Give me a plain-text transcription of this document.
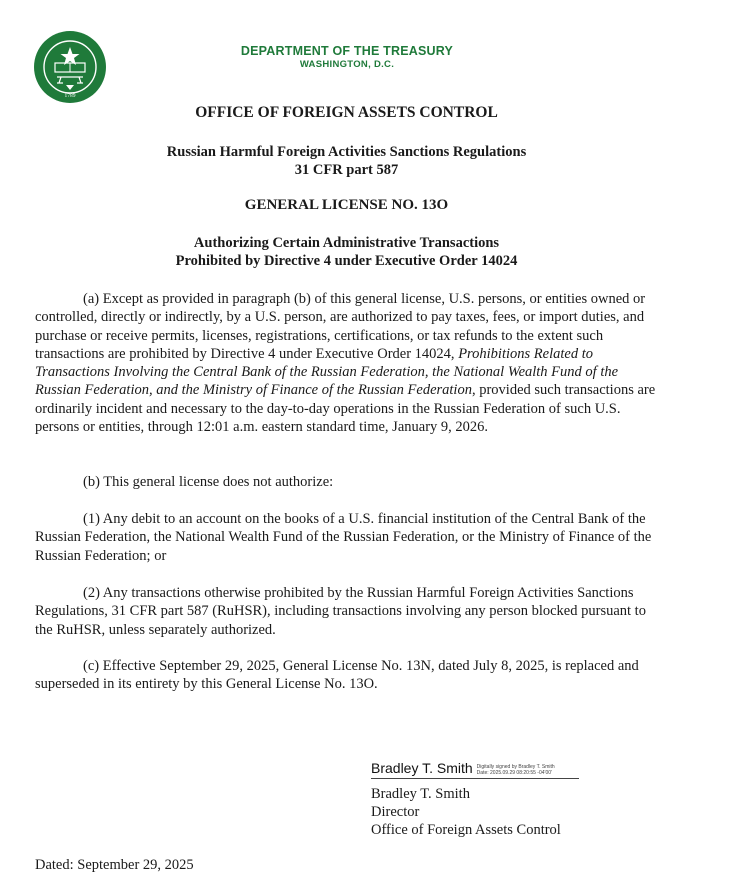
1789
DEPARTMENT OF THE TREASURY
WASHINGTON, D.C.
OFFICE OF FOREIGN ASSETS CONTROL
Russian Harmful Foreign Activities Sanctions Regulations
31 CFR part 587
GENERAL LICENSE NO. 13O
Authorizing Certain Administrative Transactions
Prohibited by Directive 4 under Executive Order 14024

(a) Except as provided in paragraph (b) of this general license, U.S. persons, or entities owned or controlled, directly or indirectly, by a U.S. person, are authorized to pay taxes, fees, or import duties, and purchase or receive permits, licenses, registrations, certifications, or tax refunds to the extent such transactions are prohibited by Directive 4 under Executive Order 14024, Prohibitions Related to Transactions Involving the Central Bank of the Russian Federation, the National Wealth Fund of the Russian Federation, and the Ministry of Finance of the Russian Federation, provided such transactions are ordinarily incident and necessary to the day-to-day operations in the Russian Federation of such U.S. persons or entities, through 12:01 a.m. eastern standard time, January 9, 2026.

(b) This general license does not authorize:

(1) Any debit to an account on the books of a U.S. financial institution of the Central Bank of the Russian Federation, the National Wealth Fund of the Russian Federation, or the Ministry of Finance of the Russian Federation; or

(2) Any transactions otherwise prohibited by the Russian Harmful Foreign Activities Sanctions Regulations, 31 CFR part 587 (RuHSR), including transactions involving any person blocked pursuant to the RuHSR, unless separately authorized.

(c) Effective September 29, 2025, General License No. 13N, dated July 8, 2025, is replaced and superseded in its entirety by this General License No. 13O.

Bradley T. Smith Digitally signed by Bradley T. Smith
Date: 2025.09.29 08:20:55 -04'00'
Bradley T. Smith
Director
Office of Foreign Assets Control
Dated: September 29, 2025
